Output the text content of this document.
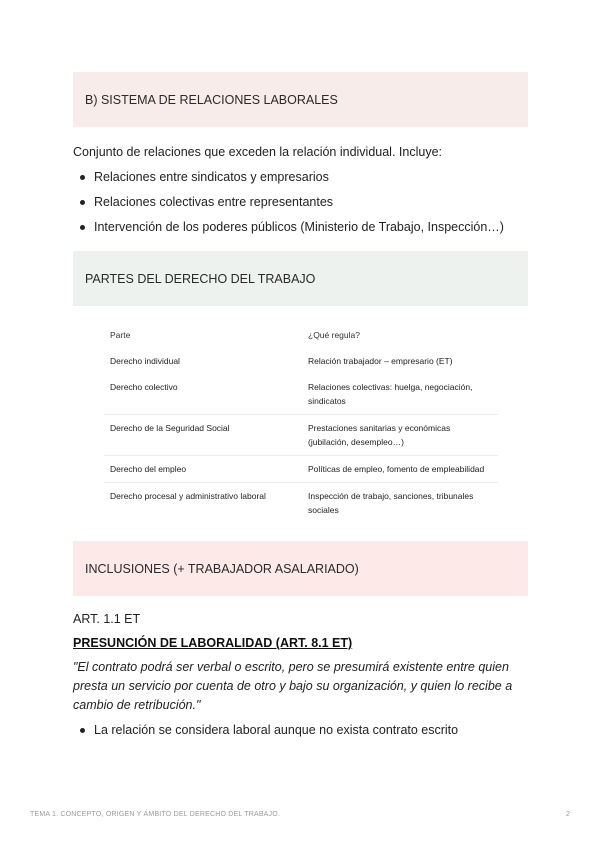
B) SISTEMA DE RELACIONES LABORALES

Conjunto de relaciones que exceden la relación individual. Incluye:

Relaciones entre sindicatos y empresarios
Relaciones colectivas entre representantes
Intervención de los poderes públicos (Ministerio de Trabajo, Inspección…)
PARTES DEL DERECHO DEL TRABAJO
Parte	¿Qué regula?
Derecho individual	Relación trabajador – empresario (ET)
Derecho colectivo	Relaciones colectivas: huelga, negociación, sindicatos
Derecho de la Seguridad Social	Prestaciones sanitarias y económicas (jubilación, desempleo…)
Derecho del empleo	Políticas de empleo, fomento de empleabilidad
Derecho procesal y administrativo laboral	Inspección de trabajo, sanciones, tribunales sociales
INCLUSIONES (+ TRABAJADOR ASALARIADO)

ART. 1.1 ET

PRESUNCIÓN DE LABORALIDAD (ART. 8.1 ET)

"El contrato podrá ser verbal o escrito, pero se presumirá existente entre quien presta un servicio por cuenta de otro y bajo su organización, y quien lo recibe a cambio de retribución."

La relación se considera laboral aunque no exista contrato escrito
TEMA 1. CONCEPTO, ORIGEN Y ÁMBITO DEL DERECHO DEL TRABAJO.	2
